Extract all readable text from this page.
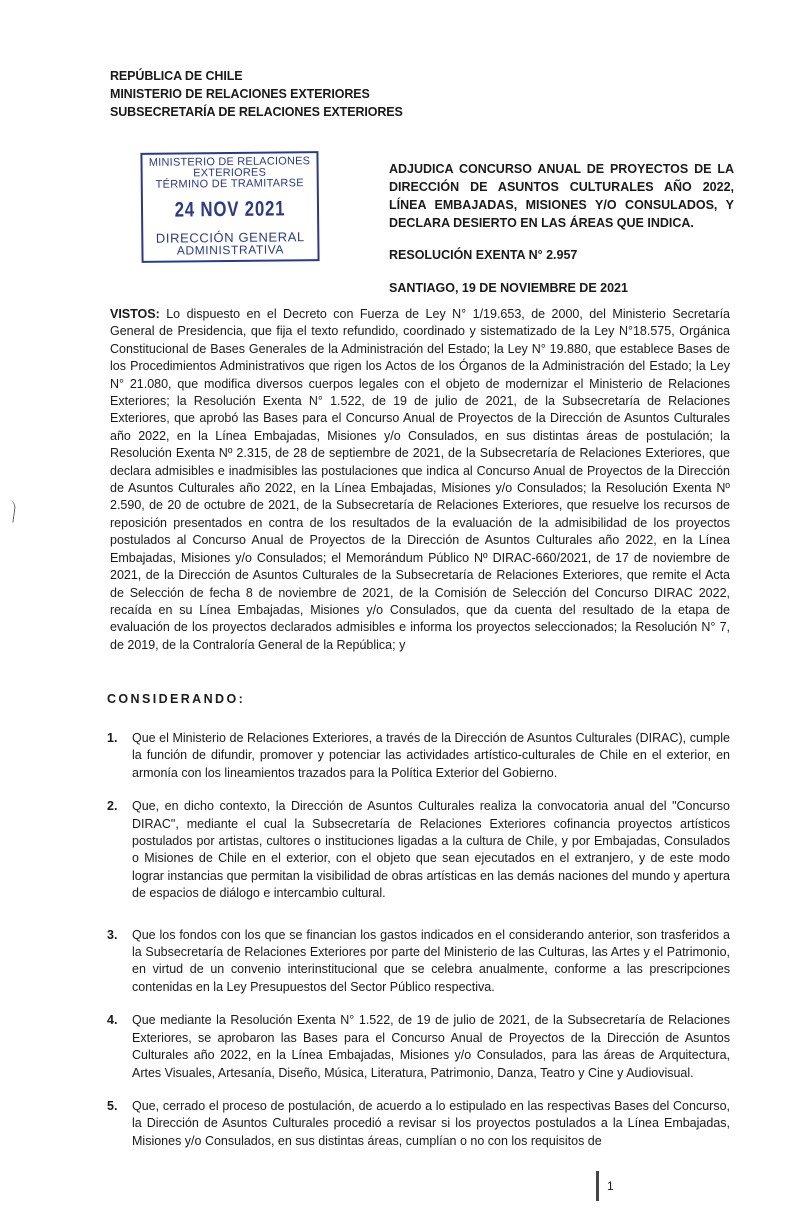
REPÚBLICA DE CHILE
MINISTERIO DE RELACIONES EXTERIORES
SUBSECRETARÍA DE RELACIONES EXTERIORES
MINISTERIO DE RELACIONES
EXTERIORES
TÉRMINO DE TRAMITARSE
24 NOV 2021
DIRECCIÓN GENERAL
ADMINISTRATIVA
ADJUDICA CONCURSO ANUAL DE PROYECTOS DE LA DIRECCIÓN DE ASUNTOS CULTURALES AÑO 2022, LÍNEA EMBAJADAS, MISIONES Y/O CONSULADOS, Y DECLARA DESIERTO EN LAS ÁREAS QUE INDICA.
RESOLUCIÓN EXENTA N° 2.957
SANTIAGO, 19 DE NOVIEMBRE DE 2021
VISTOS: Lo dispuesto en el Decreto con Fuerza de Ley N° 1/19.653, de 2000, del Ministerio Secretaría General de Presidencia, que fija el texto refundido, coordinado y sistematizado de la Ley N°18.575, Orgánica Constitucional de Bases Generales de la Administración del Estado; la Ley N° 19.880, que establece Bases de los Procedimientos Administrativos que rigen los Actos de los Órganos de la Administración del Estado; la Ley N° 21.080, que modifica diversos cuerpos legales con el objeto de modernizar el Ministerio de Relaciones Exteriores; la Resolución Exenta N° 1.522, de 19 de julio de 2021, de la Subsecretaría de Relaciones Exteriores, que aprobó las Bases para el Concurso Anual de Proyectos de la Dirección de Asuntos Culturales año 2022, en la Línea Embajadas, Misiones y/o Consulados, en sus distintas áreas de postulación; la Resolución Exenta Nº 2.315, de 28 de septiembre de 2021, de la Subsecretaría de Relaciones Exteriores, que declara admisibles e inadmisibles las postulaciones que indica al Concurso Anual de Proyectos de la Dirección de Asuntos Culturales año 2022, en la Línea Embajadas, Misiones y/o Consulados; la Resolución Exenta Nº 2.590, de 20 de octubre de 2021, de la Subsecretaría de Relaciones Exteriores, que resuelve los recursos de reposición presentados en contra de los resultados de la evaluación de la admisibilidad de los proyectos postulados al Concurso Anual de Proyectos de la Dirección de Asuntos Culturales año 2022, en la Línea Embajadas, Misiones y/o Consulados; el Memorándum Público Nº DIRAC-660/2021, de 17 de noviembre de 2021, de la Dirección de Asuntos Culturales de la Subsecretaría de Relaciones Exteriores, que remite el Acta de Selección de fecha 8 de noviembre de 2021, de la Comisión de Selección del Concurso DIRAC 2022, recaída en su Línea Embajadas, Misiones y/o Consulados, que da cuenta del resultado de la etapa de evaluación de los proyectos declarados admisibles e informa los proyectos seleccionados; la Resolución N° 7, de 2019, de la Contraloría General de la República; y
CONSIDERANDO:
1.	Que el Ministerio de Relaciones Exteriores, a través de la Dirección de Asuntos Culturales (DIRAC), cumple la función de difundir, promover y potenciar las actividades artístico-culturales de Chile en el exterior, en armonía con los lineamientos trazados para la Política Exterior del Gobierno.
2.	Que, en dicho contexto, la Dirección de Asuntos Culturales realiza la convocatoria anual del "Concurso DIRAC", mediante el cual la Subsecretaría de Relaciones Exteriores cofinancia proyectos artísticos postulados por artistas, cultores o instituciones ligadas a la cultura de Chile, y por Embajadas, Consulados o Misiones de Chile en el exterior, con el objeto que sean ejecutados en el extranjero, y de este modo lograr instancias que permitan la visibilidad de obras artísticas en las demás naciones del mundo y apertura de espacios de diálogo e intercambio cultural.
3.	Que los fondos con los que se financian los gastos indicados en el considerando anterior, son trasferidos a la Subsecretaría de Relaciones Exteriores por parte del Ministerio de las Culturas, las Artes y el Patrimonio, en virtud de un convenio interinstitucional que se celebra anualmente, conforme a las prescripciones contenidas en la Ley Presupuestos del Sector Público respectiva.
4.	Que mediante la Resolución Exenta N° 1.522, de 19 de julio de 2021, de la Subsecretaría de Relaciones Exteriores, se aprobaron las Bases para el Concurso Anual de Proyectos de la Dirección de Asuntos Culturales año 2022, en la Línea Embajadas, Misiones y/o Consulados, para las áreas de Arquitectura, Artes Visuales, Artesanía, Diseño, Música, Literatura, Patrimonio, Danza, Teatro y Cine y Audiovisual.
5.	Que, cerrado el proceso de postulación, de acuerdo a lo estipulado en las respectivas Bases del Concurso, la Dirección de Asuntos Culturales procedió a revisar si los proyectos postulados a la Línea Embajadas, Misiones y/o Consulados, en sus distintas áreas, cumplían o no con los requisitos de
1
